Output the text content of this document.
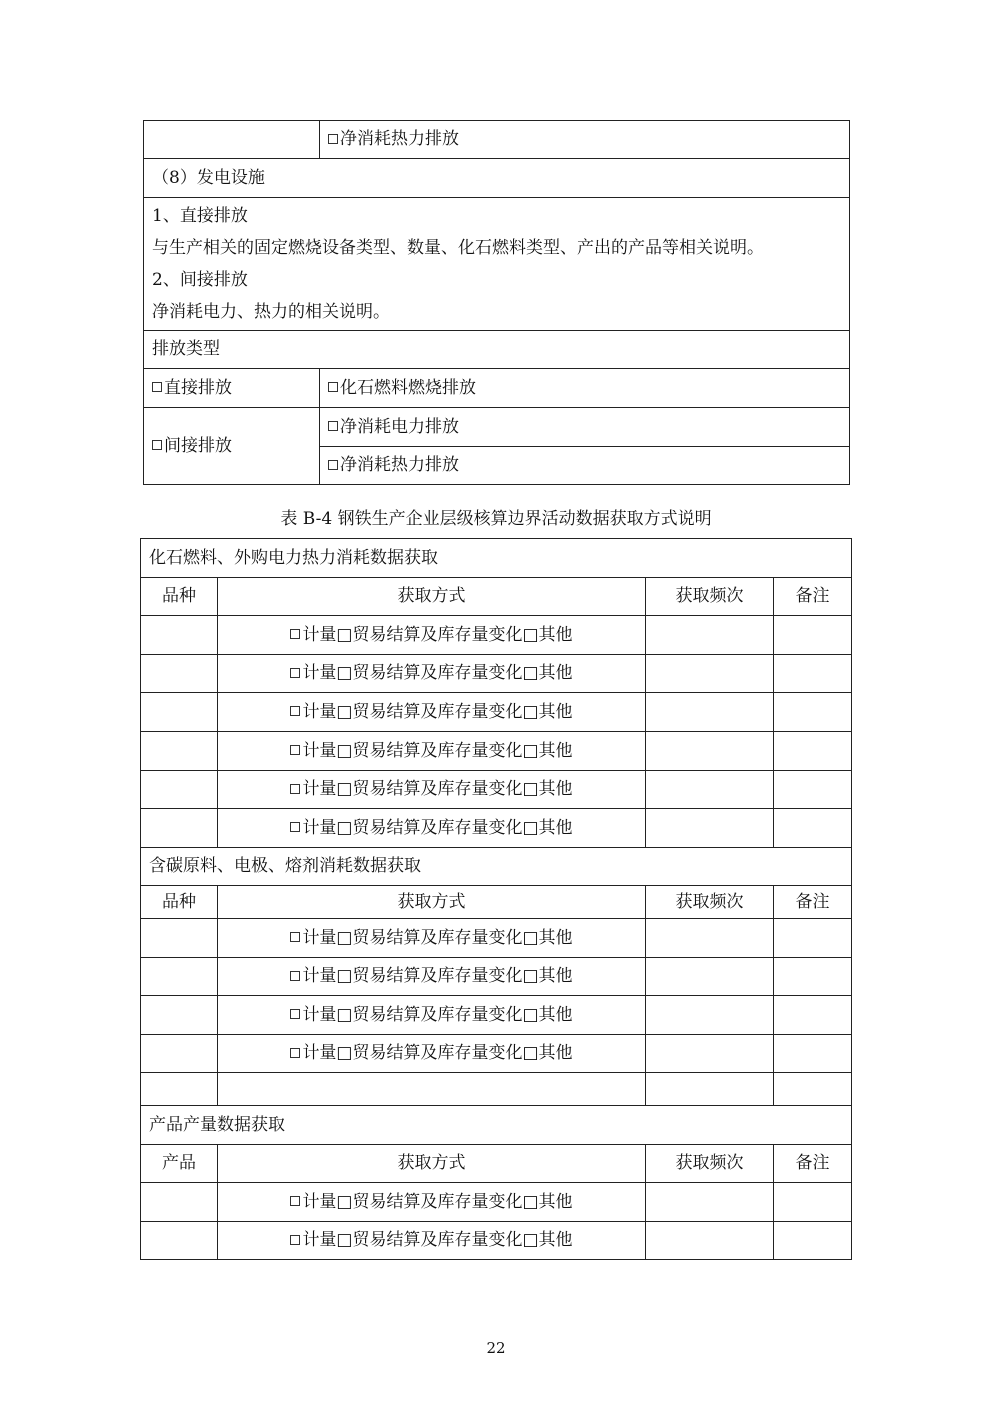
	净消耗热力排放
（8）发电设施	

1、直接排放
与生产相关的固定燃烧设备类型、数量、化石燃料类型、产出的产品等相关说明。
2、间接排放
净消耗电力、热力的相关说明。	

排放类型	
直接排放	化石燃料燃烧排放
间接排放	净消耗电力排放
	净消耗热力排放
表 B-4 钢铁生产企业层级核算边界活动数据获取方式说明
化石燃料、外购电力热力消耗数据获取			
品种	获取方式	获取频次	备注
	计量□贸易结算及库存量变化□其他		
	计量□贸易结算及库存量变化□其他		
	计量□贸易结算及库存量变化□其他		
	计量□贸易结算及库存量变化□其他		
	计量□贸易结算及库存量变化□其他		
	计量□贸易结算及库存量变化□其他		
含碳原料、电极、熔剂消耗数据获取			
品种	获取方式	获取频次	备注
	计量□贸易结算及库存量变化□其他		
	计量□贸易结算及库存量变化□其他		
	计量□贸易结算及库存量变化□其他		
	计量□贸易结算及库存量变化□其他		

产品产量数据获取			
产品	获取方式	获取频次	备注
	计量□贸易结算及库存量变化□其他		
	计量□贸易结算及库存量变化□其他		
22
